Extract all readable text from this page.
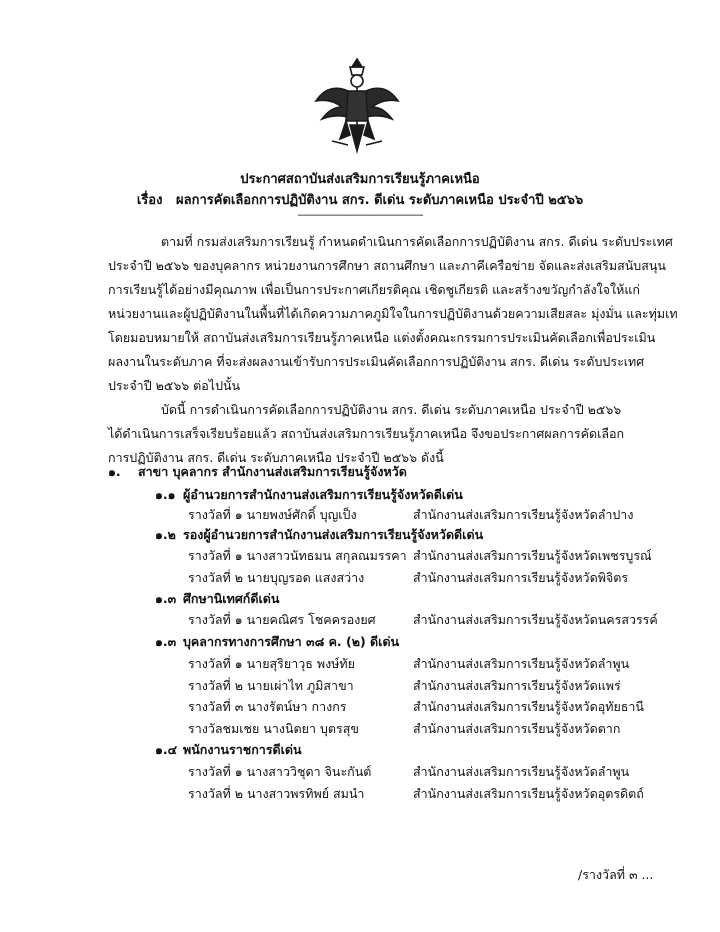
ประกาศสถาบันส่งเสริมการเรียนรู้ภาคเหนือ
เรื่อง ผลการคัดเลือกการปฏิบัติงาน สกร. ดีเด่น ระดับภาคเหนือ ประจำปี ๒๕๖๖
------------------------------------------------
ตามที่ กรมส่งเสริมการเรียนรู้ กำหนดดำเนินการคัดเลือกการปฏิบัติงาน สกร. ดีเด่น ระดับประเทศ
ประจำปี ๒๕๖๖ ของบุคลากร หน่วยงานการศึกษา สถานศึกษา และภาคีเครือข่าย จัดและส่งเสริมสนับสนุน
การเรียนรู้ได้อย่างมีคุณภาพ เพื่อเป็นการประกาศเกียรติคุณ เชิดชูเกียรติ และสร้างขวัญกำลังใจให้แก่
หน่วยงานและผู้ปฏิบัติงานในพื้นที่ได้เกิดความภาคภูมิใจในการปฏิบัติงานด้วยความเสียสละ มุ่งมั่น และทุ่มเท
โดยมอบหมายให้ สถาบันส่งเสริมการเรียนรู้ภาคเหนือ แต่งตั้งคณะกรรมการประเมินคัดเลือกเพื่อประเมิน
ผลงานในระดับภาค ที่จะส่งผลงานเข้ารับการประเมินคัดเลือกการปฏิบัติงาน สกร. ดีเด่น ระดับประเทศ
ประจำปี ๒๕๖๖ ต่อไปนั้น
บัดนี้ การดำเนินการคัดเลือกการปฏิบัติงาน สกร. ดีเด่น ระดับภาคเหนือ ประจำปี ๒๕๖๖
ได้ดำเนินการเสร็จเรียบร้อยแล้ว สถาบันส่งเสริมการเรียนรู้ภาคเหนือ จึงขอประกาศผลการคัดเลือก
การปฏิบัติงาน สกร. ดีเด่น ระดับภาคเหนือ ประจำปี ๒๕๖๖ ดังนี้
๑. สาขา บุคลากร สำนักงานส่งเสริมการเรียนรู้จังหวัด
๑.๑ ผู้อำนวยการสำนักงานส่งเสริมการเรียนรู้จังหวัดดีเด่น
รางวัลที่ ๑ นายพงษ์ศักดิ์ บุญเป็ง	สำนักงานส่งเสริมการเรียนรู้จังหวัดลำปาง
๑.๒ รองผู้อำนวยการสำนักงานส่งเสริมการเรียนรู้จังหวัดดีเด่น
รางวัลที่ ๑ นางสาวนัทธมน สกุลณมรรคา สำนักงานส่งเสริมการเรียนรู้จังหวัดเพชรบูรณ์
รางวัลที่ ๒ นายบุญรอด แสงสว่าง	สำนักงานส่งเสริมการเรียนรู้จังหวัดพิจิตร
๑.๓ ศึกษานิเทศก์ดีเด่น
รางวัลที่ ๑ นายคณิศร โชคครองยศ	สำนักงานส่งเสริมการเรียนรู้จังหวัดนครสวรรค์
๑.๓ บุคลากรทางการศึกษา ๓๘ ค. (๒) ดีเด่น
รางวัลที่ ๑ นายสุริยาวุธ พงษ์ทัย	สำนักงานส่งเสริมการเรียนรู้จังหวัดลำพูน
รางวัลที่ ๒ นายเผ่าไท ภูมิสาขา	สำนักงานส่งเสริมการเรียนรู้จังหวัดแพร่
รางวัลที่ ๓ นางรัตน์ษา กางกร	สำนักงานส่งเสริมการเรียนรู้จังหวัดอุทัยธานี
รางวัลชมเชย นางนิตยา บุตรสุข	สำนักงานส่งเสริมการเรียนรู้จังหวัดตาก
๑.๔ พนักงานราชการดีเด่น
รางวัลที่ ๑ นางสาววิชุดา จินะกันต์	สำนักงานส่งเสริมการเรียนรู้จังหวัดลำพูน
รางวัลที่ ๒ นางสาวพรทิพย์ สมนำ	สำนักงานส่งเสริมการเรียนรู้จังหวัดอุตรดิตถ์
/รางวัลที่ ๓ ...
